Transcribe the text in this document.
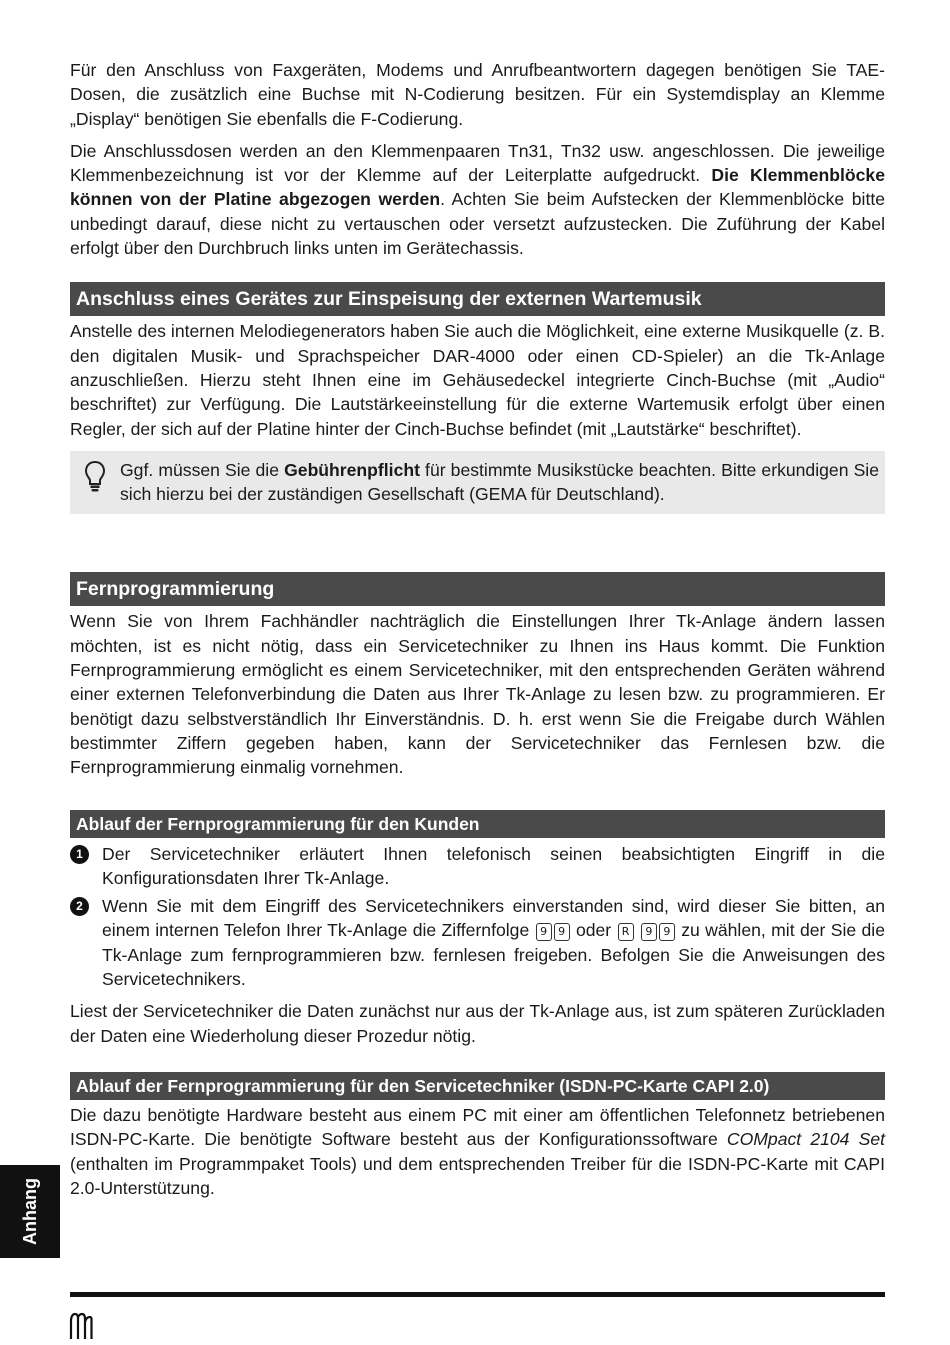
Für den Anschluss von Faxgeräten, Modems und Anrufbeantwortern dagegen benötigen Sie TAE-Dosen, die zusätzlich eine Buchse mit N-Codierung besitzen. Für ein Systemdisplay an Klemme „Display“ benötigen Sie ebenfalls die F-Codierung.

Die Anschlussdosen werden an den Klemmenpaaren Tn31, Tn32 usw. angeschlossen. Die jeweilige Klemmenbezeichnung ist vor der Klemme auf der Leiterplatte aufgedruckt. Die Klemmenblöcke können von der Platine abgezogen werden. Achten Sie beim Aufstecken der Klemmenblöcke bitte unbedingt darauf, diese nicht zu vertauschen oder versetzt aufzustecken. Die Zuführung der Kabel erfolgt über den Durchbruch links unten im Gerätechassis.

Anschluss eines Gerätes zur Einspeisung der externen Wartemusik

Anstelle des internen Melodiegenerators haben Sie auch die Möglichkeit, eine externe Musikquelle (z. B. den digitalen Musik- und Sprachspeicher DAR-4000 oder einen CD-Spieler) an die Tk-Anlage anzuschließen. Hierzu steht Ihnen eine im Gehäusedeckel integrierte Cinch-Buchse (mit „Audio“ beschriftet) zur Verfügung. Die Lautstärkeeinstellung für die externe Wartemusik erfolgt über einen Regler, der sich auf der Platine hinter der Cinch-Buchse befindet (mit „Lautstärke“ beschriftet).

Ggf. müssen Sie die Gebührenpflicht für bestimmte Musikstücke beachten. Bitte erkundigen Sie sich hierzu bei der zuständigen Gesellschaft (GEMA für Deutschland).

Fernprogrammierung

Wenn Sie von Ihrem Fachhändler nachträglich die Einstellungen Ihrer Tk-Anlage ändern lassen möchten, ist es nicht nötig, dass ein Servicetechniker zu Ihnen ins Haus kommt. Die Funktion Fernprogrammierung ermöglicht es einem Servicetechniker, mit den entsprechenden Geräten während einer externen Telefonverbindung die Daten aus Ihrer Tk-Anlage zu lesen bzw. zu programmieren. Er benötigt dazu selbstverständlich Ihr Einverständnis. D. h. erst wenn Sie die Freigabe durch Wählen bestimmter Ziffern gegeben haben, kann der Servicetechniker das Fernlesen bzw. die Fernprogrammierung einmalig vornehmen.

Ablauf der Fernprogrammierung für den Kunden
1	Der Servicetechniker erläutert Ihnen telefonisch seinen beabsichtigten Eingriff in die Konfigurationsdaten Ihrer Tk-Anlage.

2	Wenn Sie mit dem Eingriff des Servicetechnikers einverstanden sind, wird dieser Sie bitten, an einem internen Telefon Ihrer Tk-Anlage die Ziffernfolge 9 9 oder R 9 9 zu wählen, mit der Sie die Tk-Anlage zum fernprogrammieren bzw. fernlesen freigeben. Befolgen Sie die Anweisungen des Servicetechnikers.

Liest der Servicetechniker die Daten zunächst nur aus der Tk-Anlage aus, ist zum späteren Zurückladen der Daten eine Wiederholung dieser Prozedur nötig.

Ablauf der Fernprogrammierung für den Servicetechniker (ISDN-PC-Karte CAPI 2.0)

Die dazu benötigte Hardware besteht aus einem PC mit einer am öffentlichen Telefonnetz betriebenen ISDN-PC-Karte. Die benötigte Software besteht aus der Konfigurationssoftware COMpact 2104 Set (enthalten im Programmpaket Tools) und dem entsprechenden Treiber für die ISDN-PC-Karte mit CAPI 2.0-Unterstützung.

Anhang
